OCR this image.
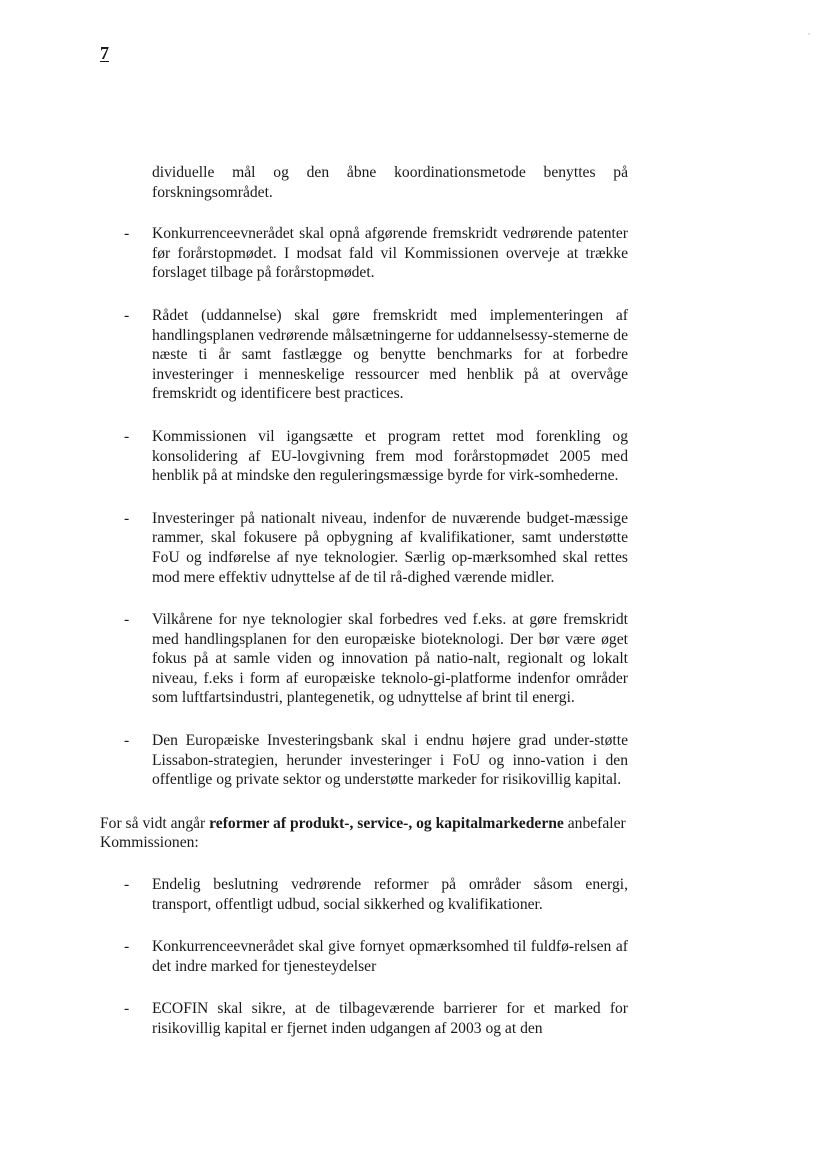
7

dividuelle mål og den åbne koordinationsmetode benyttes på forskningsområdet.

- Konkurrenceevnerådet skal opnå afgørende fremskridt vedrørende patenter før forårstopmødet. I modsat fald vil Kommissionen overveje at trække forslaget tilbage på forårstopmødet.
- Rådet (uddannelse) skal gøre fremskridt med implementeringen af handlingsplanen vedrørende målsætningerne for uddannelsessy-stemerne de næste ti år samt fastlægge og benytte benchmarks for at forbedre investeringer i menneskelige ressourcer med henblik på at overvåge fremskridt og identificere best practices.
- Kommissionen vil igangsætte et program rettet mod forenkling og konsolidering af EU-lovgivning frem mod forårstopmødet 2005 med henblik på at mindske den reguleringsmæssige byrde for virk-somhederne.
- Investeringer på nationalt niveau, indenfor de nuværende budget-mæssige rammer, skal fokusere på opbygning af kvalifikationer, samt understøtte FoU og indførelse af nye teknologier. Særlig op-mærksomhed skal rettes mod mere effektiv udnyttelse af de til rå-dighed værende midler.
- Vilkårene for nye teknologier skal forbedres ved f.eks. at gøre fremskridt med handlingsplanen for den europæiske bioteknologi. Der bør være øget fokus på at samle viden og innovation på natio-nalt, regionalt og lokalt niveau, f.eks i form af europæiske teknolo-gi-platforme indenfor områder som luftfartsindustri, plantegenetik, og udnyttelse af brint til energi.
- Den Europæiske Investeringsbank skal i endnu højere grad under-støtte Lissabon-strategien, herunder investeringer i FoU og inno-vation i den offentlige og private sektor og understøtte markeder for risikovillig kapital.

For så vidt angår reformer af produkt-, service-, og kapitalmarkederne anbefaler Kommissionen:

- Endelig beslutning vedrørende reformer på områder såsom energi, transport, offentligt udbud, social sikkerhed og kvalifikationer.
- Konkurrenceevnerådet skal give fornyet opmærksomhed til fuldfø-relsen af det indre marked for tjenesteydelser
- ECOFIN skal sikre, at de tilbageværende barrierer for et marked for risikovillig kapital er fjernet inden udgangen af 2003 og at den
